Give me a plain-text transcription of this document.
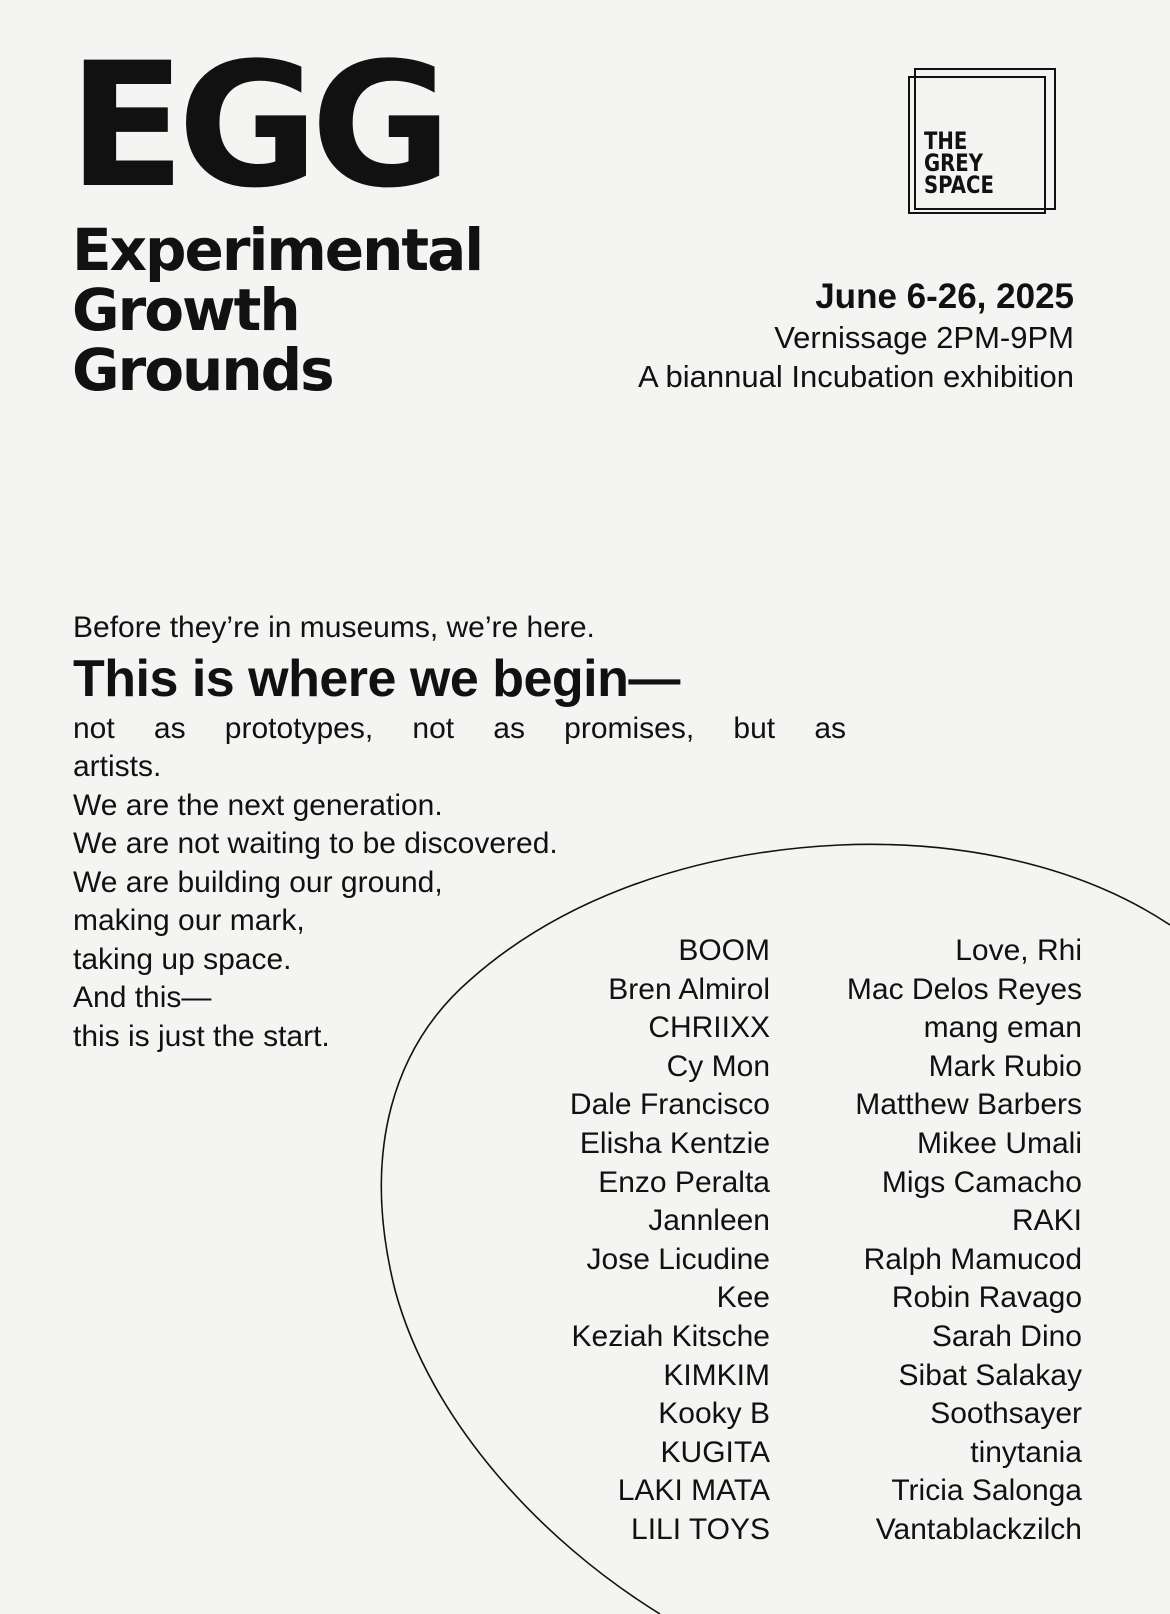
EGG
Experimental
Growth
Grounds
THE
GREY
SPACE
June 6-26, 2025
Vernissage 2PM-9PM
A biannual Incubation exhibition
Before they’re in museums, we’re here.
This is where we begin—
not as prototypes, not as promises, but as
artists.
We are the next generation.
We are not waiting to be discovered.
We are building our ground,
making our mark,
taking up space.
And this—
this is just the start.
BOOM
Bren Almirol
CHRIIXX
Cy Mon
Dale Francisco
Elisha Kentzie
Enzo Peralta
Jannleen
Jose Licudine
Kee
Keziah Kitsche
KIMKIM
Kooky B
KUGITA
LAKI MATA
LILI TOYS
Love, Rhi
Mac Delos Reyes
mang eman
Mark Rubio
Matthew Barbers
Mikee Umali
Migs Camacho
RAKI
Ralph Mamucod
Robin Ravago
Sarah Dino
Sibat Salakay
Soothsayer
tinytania
Tricia Salonga
Vantablackzilch
